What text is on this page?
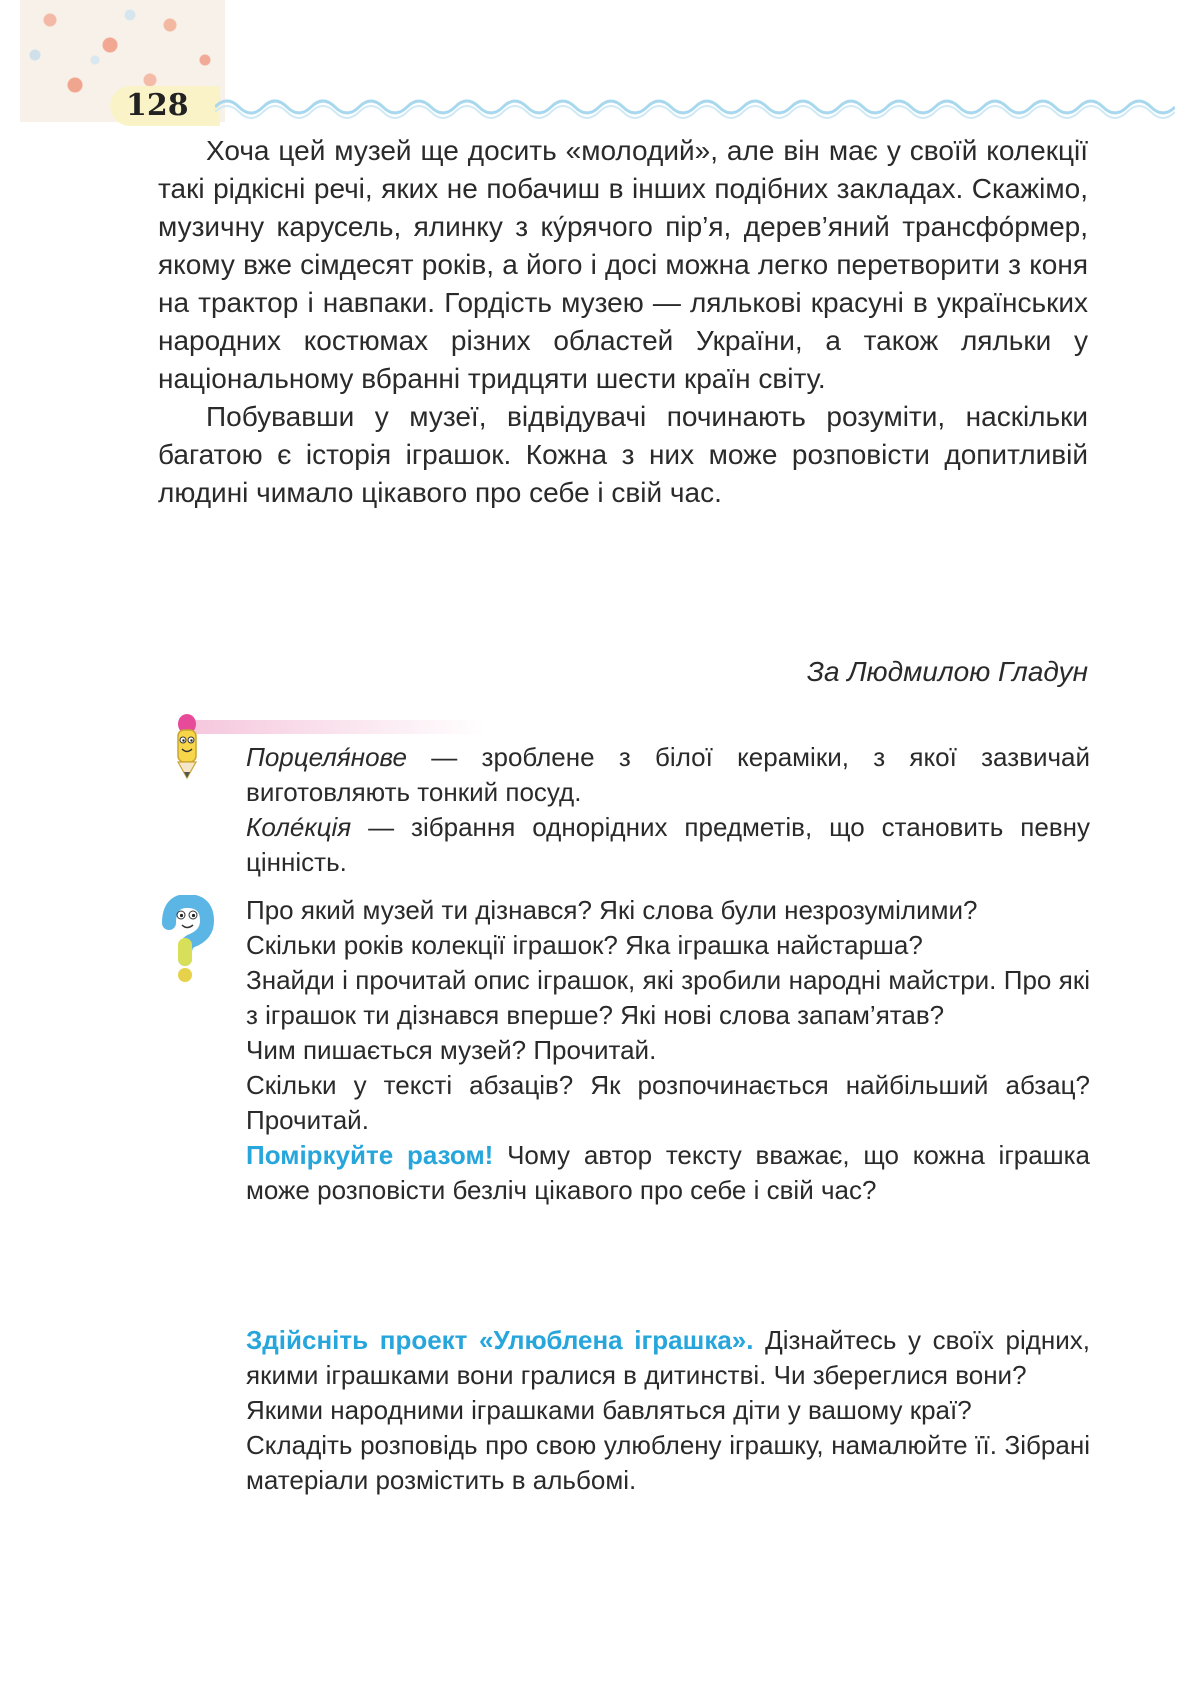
128

Хоча цей музей ще досить «молодий», але він має у своїй колекції такі рідкісні речі, яких не побачиш в інших подібних закладах. Скажімо, музичну карусель, ялинку з ку́рячого пір’я, дерев’яний трансфо́рмер, якому вже сімдесят років, а його і досі можна легко перетворити з коня на трактор і навпаки. Гордість музею — ляльковi красуні в українських народних костюмах різних областей України, а також ляльки у національному вбранні тридцяти шести країн світу.

Побувавши у музеї, відвідувачі починають розуміти, наскільки багатою є історія іграшок. Кожна з них може розповісти допитливій людині чимало цікавого про себе і свій час.

За Людмилою Гладун

Порцеля́нове — зроблене з білої кераміки, з якої зазвичай виготовляють тонкий посуд.

Коле́кція — зібрання однорідних предметів, що становить певну цінність.

Про який музей ти дізнався? Які слова були незрозумілими?

Скільки років колекції іграшок? Яка іграшка найстарша?

Знайди і прочитай опис іграшок, які зробили народні майстри. Про які з іграшок ти дізнався вперше? Які нові слова запам’ятав?

Чим пишається музей? Прочитай.

Скільки у тексті абзаців? Як розпочинається найбільший абзац? Прочитай.

Поміркуйте разом! Чому автор тексту вважає, що кожна іграшка може розповісти безліч цікавого про себе і свій час?

Здійсніть проект «Улюблена іграшка». Дізнайтесь у своїх рідних, якими іграшками вони гралися в дитинстві. Чи збереглися вони?

Якими народними іграшками бавляться діти у вашому краї?

Складіть розповідь про свою улюблену іграшку, намалюйте її. Зібрані матеріали розмістить в альбомі.
